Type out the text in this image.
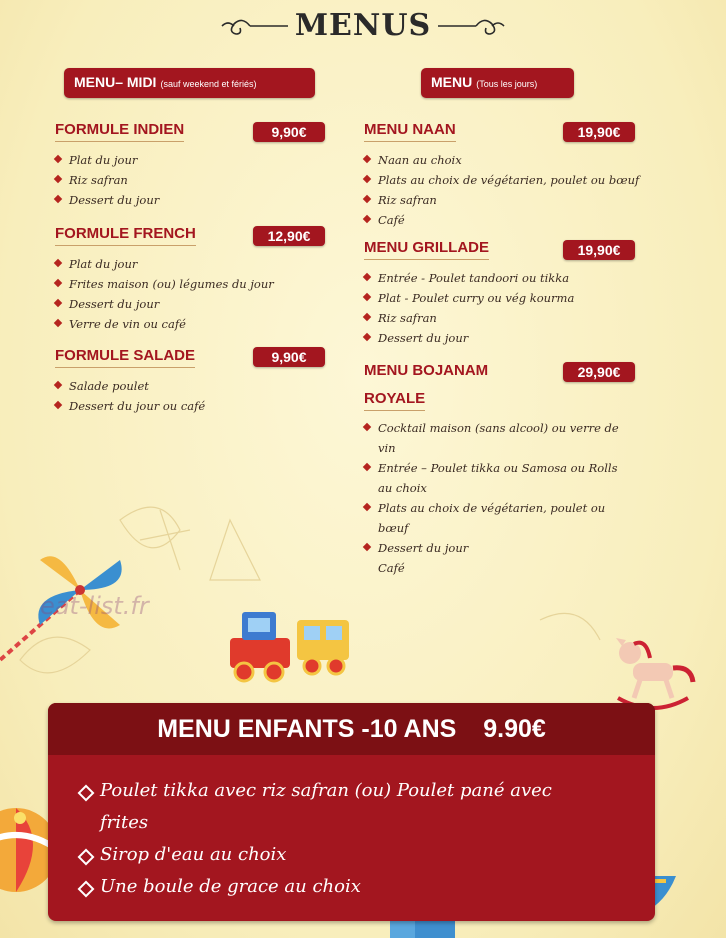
eat-list.fr
MENUS
MENU– MIDI (sauf weekend et fériés)	MENU (Tous les jours)
FORMULE INDIEN	9,90€
Plat du jour
Riz safran
Dessert du jour
FORMULE FRENCH	12,90€
Plat du jour
Frites maison (ou) légumes du jour
Dessert du jour
Verre de vin ou café
FORMULE SALADE	9,90€
Salade poulet
Dessert du jour ou café
MENU NAAN	19,90€
Naan au choix
Plats au choix de végétarien, poulet ou bœuf
Riz safran
Café
MENU GRILLADE	19,90€
Entrée - Poulet tandoori ou tikka
Plat - Poulet curry ou vég kourma
Riz safran
Dessert du jour
MENU BOJANAM
ROYALE
29,90€
Cocktail maison (sans alcool) ou verre de vin
Entrée – Poulet tikka ou Samosa ou Rolls au choix
Plats au choix de végétarien, poulet ou bœuf
Dessert du jour
Café
MENU ENFANTS -10 ANS 9.90€
Poulet tikka avec riz safran (ou) Poulet pané avec frites
Sirop d'eau au choix
Une boule de grace au choix
